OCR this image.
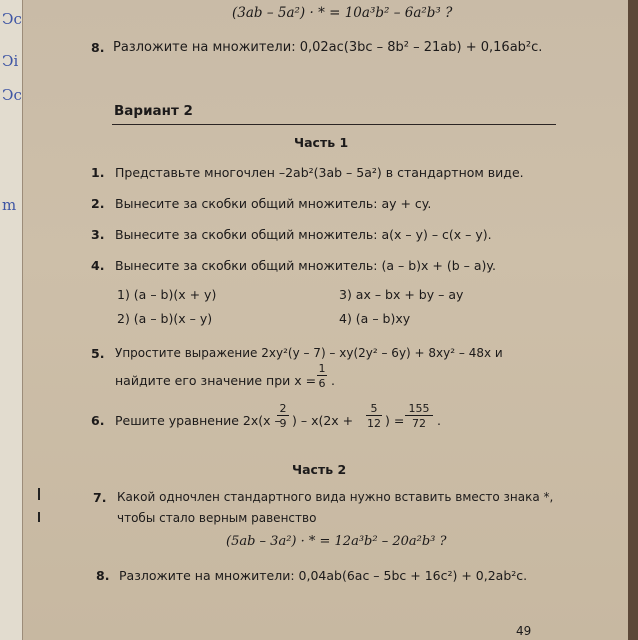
Ͻc
Ͻi
Ͻc
m
(3ab – 5a²) · * = 10a³b² – 6a²b³ ?
8. Разложите на множители: 0,02ac(3bc – 8b² – 21ab) + 0,16ab²c.
Вариант 2
Часть 1
1. Представьте многочлен –2ab²(3ab – 5a²) в стандартном виде.
2. Вынесите за скобки общий множитель: ay + cy.
3. Вынесите за скобки общий множитель: a(x – y) – c(x – y).
4. Вынесите за скобки общий множитель: (a – b)x + (b – a)y.
1) (a – b)(x + y)
2) (a – b)(x – y)
3) ax – bx + by – ay
4) (a – b)xy
5. Упростите выражение 2xy²(y – 7) – xy(2y² – 6y) + 8xy² – 48x и
найдите его значение при x =
1
6 .
6. Решите уравнение 2x(x –
2
9 ) – x(2x +
5
12 ) =
155
72 .
Часть 2
7. Какой одночлен стандартного вида нужно вставить вместо знака *,
чтобы стало верным равенство
(5ab – 3a²) · * = 12a³b² – 20a²b³ ?
8. Разложите на множители: 0,04ab(6ac – 5bc + 16c²) + 0,2ab²c.
49
